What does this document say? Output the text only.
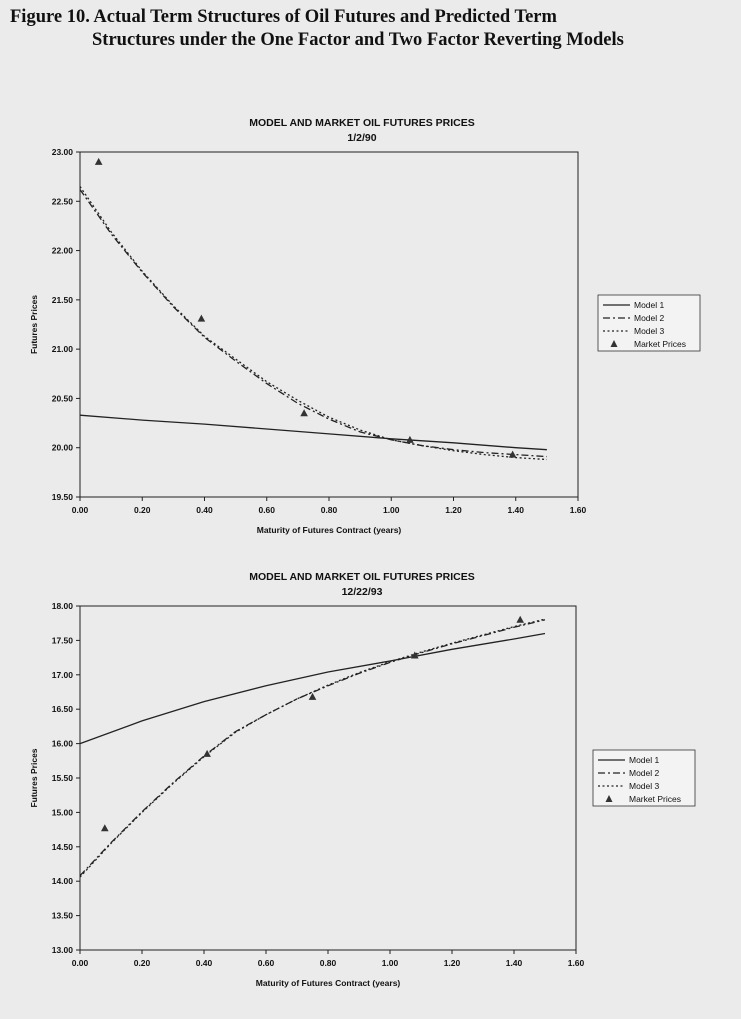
Figure 10. Actual Term Structures of Oil Futures and Predicted Term
Structures under the One Factor and Two Factor Reverting Models
MODEL AND MARKET OIL FUTURES PRICES
1/2/90
19.50
20.00
20.50
21.00
21.50
22.00
22.50
23.00
0.00	0.20	0.40	0.60	0.80	1.00	1.20	1.40	1.60
Maturity of Futures Contract (years)
Futures Prices	Model 1
Model 2
Model 3
Market Prices
MODEL AND MARKET OIL FUTURES PRICES
12/22/93
13.00
13.50
14.00
14.50
15.00
15.50
16.00
16.50
17.00
17.50
18.00
0.00	0.20	0.40	0.60	0.80	1.00	1.20	1.40	1.60
Maturity of Futures Contract (years)
Futures Prices	Model 1
Model 2
Model 3
Market Prices
